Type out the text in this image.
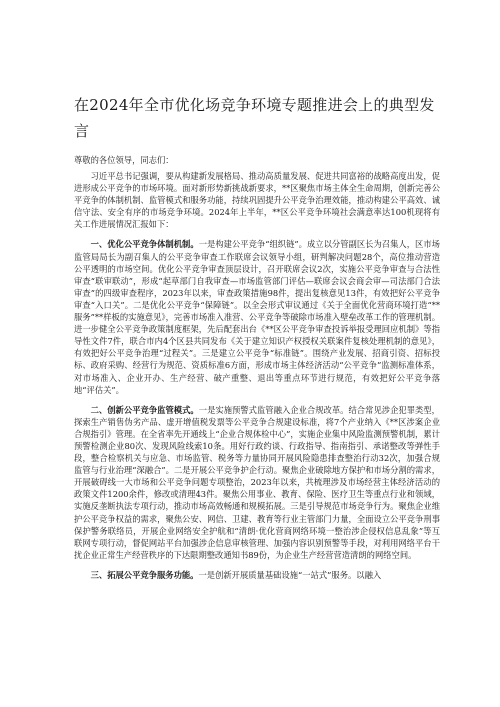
在2024年全市优化场竞争环境专题推进会上的典型发言

尊敬的各位领导，同志们：

习近平总书记强调，要从构建新发展格局、推动高质量发展、促进共同富裕的战略高度出发，促进形成公平竞争的市场环境。面对新形势新挑战新要求，**区聚焦市场主体全生命周期，创新完善公平竞争的体制机制、监管模式和服务功能，持续巩固提升公平竞争治理效能，推动构建公平高效、诚信守法、安全有序的市场竞争环境。2024年上半年，**区公平竞争环境社会满意率达100机现将有关工作进展情况汇报如下：

一、优化公平竞争体制机制。一是构建公平竞争“组织链”。成立以分管副区长为召集人，区市场监管局局长为副召集人的公平竞争审查工作联席会议领导小组，研判解决问题28个，高位推动营造公平透明的市场空间。优化公平竞争审查顶层设计，召开联席会议2次，实施公平竞争审查与合法性审查“联审联动”，形成“起草部门自我审查—市场监管部门评估—联席会议会商会审—司法部门合法审查”的四级审查程序，2023年以来，审查政策措施98件，提出复核意见13件，有效把好公平竞争审查“入口关”。二是优化公平竞争“保障链”。以全会形式审议通过《关于全面优化营商环境打造“**服务”**样板的实施意见》，完善市场准入准营、公平竞争等破除市场准入壁垒改革工作的管理机制。进一步健全公平竞争政策制度框架，先后配套出台《**区公平竞争审查投诉举报受理回应机制》等指导性文件7件，联合市内4个区县共同发布《关于建立知识产权授权关联案件复核处理机制的意见》，有效把好公平竞争治理“过程关”。三是建立公平竞争“标准链”。围绕产业发展、招商引资、招标投标、政府采购、经营行为规范、资质标准6方面，形成市场主体经济活动“公平竞争”监测标准体系，对市场准入、企业开办、生产经营、破产重整、退出等重点环节进行规范，有效把好公平竞争落地“评估关”。

二、创新公平竞争监管模式。一是实施预警式监管融入企业合规改革。结合常见涉企犯罪类型，探索生产销售伪劣产品、虚开增值税发票等公平竞争合规建设标准，将7个产业纳入《**区涉案企业合规指引》管理。在全省率先开通线上“企业合规体检中心”，实施企业集中风险监测预警机制，累计预警检测企业80次、发现风险线索10条。用好行政约谈、行政指导、指南指引、承诺整改等弹性手段，整合检察机关与应急、市场监管、税务等力量协同开展风险隐患排查整治行动32次，加强合规监管与行业治理“深融合”。二是开展公平竞争护企行动。聚焦企业破除地方保护和市场分割的需求，开展破碍线一大市场和公平竞争问题专项整治，2023年以来，共梳理涉及市场经营主体经济活动的政策文件1200余件，修改或清理43件。聚焦公用事业、教育、保险、医疗卫生等重点行业和领域，实施反垄断执法专项行动，推动市场高效畅通和规模拓展。三是引导规范市场竞争行为。聚焦企业维护公平竞争权益的需求，聚焦公安、网信、卫建、教育等行业主管部门力量，全面设立公平竞争刑事保护警务联络员，开展企业网络安全护航和“清朗·优化营商网络环境一整治涉企侵权信息乱象”等互联网专项行动，督促网站平台加强涉企信息审核管理、加强内容识别预警等手段，对利用网络平台干扰企业正常生产经营秩序的下达限期整改通知书89份，为企业生产经营营造清朗的网络空间。

三、拓展公平竞争服务功能。一是创新开展质量基础设施“一站式”服务。以融入
